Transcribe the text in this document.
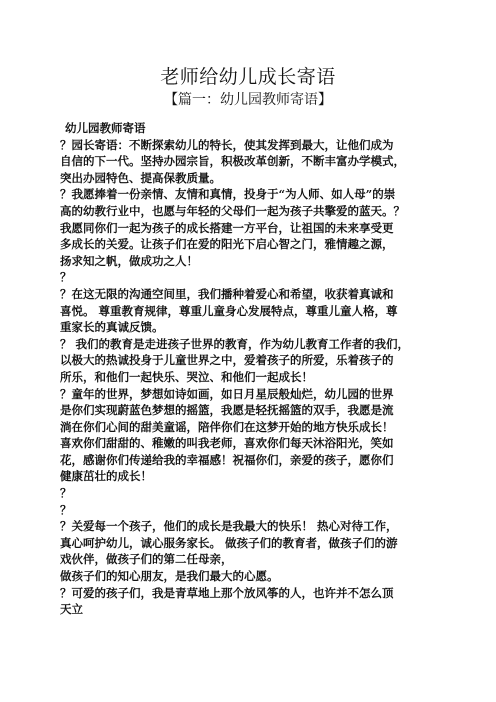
老师给幼儿成长寄语
【篇一：幼儿园教师寄语】
幼儿园教师寄语
？园长寄语：不断探索幼儿的特长，使其发挥到最大，让他们成为
自信的下一代。坚持办园宗旨，积极改革创新，不断丰富办学模式，
突出办园特色、提高保教质量。
？我愿捧着一份亲情、友情和真情，投身于“为人师、如人母”的崇
高的幼教行业中，也愿与年轻的父母们一起为孩子共擎爱的蓝天。？
我愿同你们一起为孩子的成长搭建一方平台，让祖国的未来享受更
多成长的关爱。让孩子们在爱的阳光下启心智之门，雅情趣之源，
扬求知之帆，做成功之人！
？
？在这无限的沟通空间里，我们播种着爱心和希望，收获着真诚和
喜悦。 尊重教育规律，尊重儿童身心发展特点，尊重儿童人格，尊
重家长的真诚反馈。
？ 我们的教育是走进孩子世界的教育，作为幼儿教育工作者的我们，
以极大的热诚投身于儿童世界之中，爱着孩子的所爱，乐着孩子的
所乐，和他们一起快乐、哭泣、和他们一起成长！
？童年的世界，梦想如诗如画，如日月星辰般灿烂，幼儿园的世界
是你们实现蔚蓝色梦想的摇篮，我愿是轻抚摇篮的双手，我愿是流
淌在你们心间的甜美童谣，陪伴你们在这梦开始的地方快乐成长！
喜欢你们甜甜的、稚嫩的叫我老师，喜欢你们每天沐浴阳光，笑如
花，感谢你们传递给我的幸福感！祝福你们，亲爱的孩子，愿你们
健康茁壮的成长！
？
？
？关爱每一个孩子，他们的成长是我最大的快乐！ 热心对待工作，
真心呵护幼儿，诚心服务家长。 做孩子们的教育者，做孩子们的游
戏伙伴，做孩子们的第二任母亲，
做孩子们的知心朋友，是我们最大的心愿。
？可爱的孩子们，我是青草地上那个放风筝的人，也许并不怎么顶
天立
